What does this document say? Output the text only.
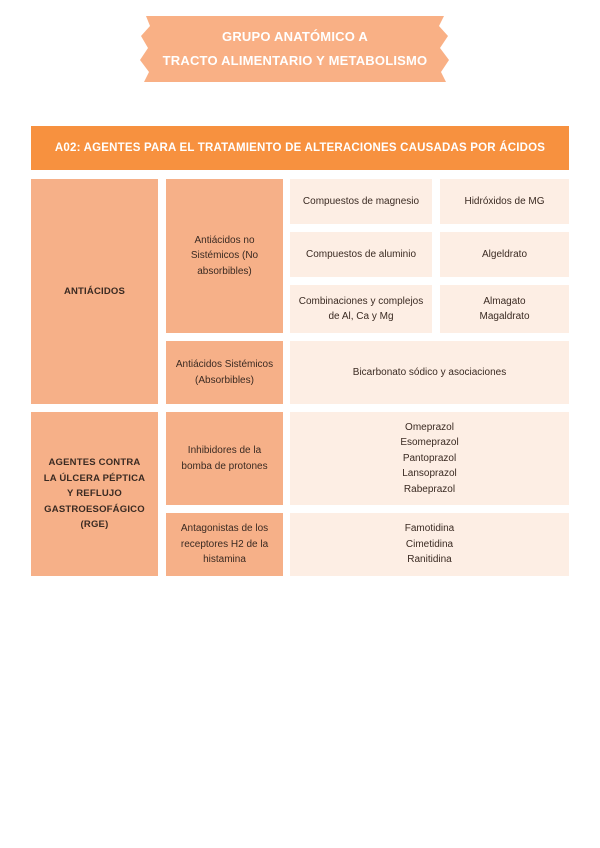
GRUPO ANATÓMICO A
TRACTO ALIMENTARIO Y METABOLISMO
A02: AGENTES PARA EL TRATAMIENTO DE ALTERACIONES CAUSADAS POR ÁCIDOS
ANTIÁCIDOS
Antiácidos no Sistémicos (No absorbibles)
Compuestos de magnesio	Hidróxidos de MG
Compuestos de aluminio	Algeldrato
Combinaciones y complejos de Al, Ca y Mg
Almagato
Magaldrato
Antiácidos Sistémicos (Absorbibles)
Bicarbonato sódico y asociaciones
AGENTES CONTRA LA ÚLCERA PÉPTICA Y REFLUJO GASTROESOFÁGICO (RGE)
Inhibidores de la bomba de protones
Omeprazol
Esomeprazol
Pantoprazol
Lansoprazol
Rabeprazol
Antagonistas de los receptores H2 de la histamina
Famotidina
Cimetidina
Ranitidina
